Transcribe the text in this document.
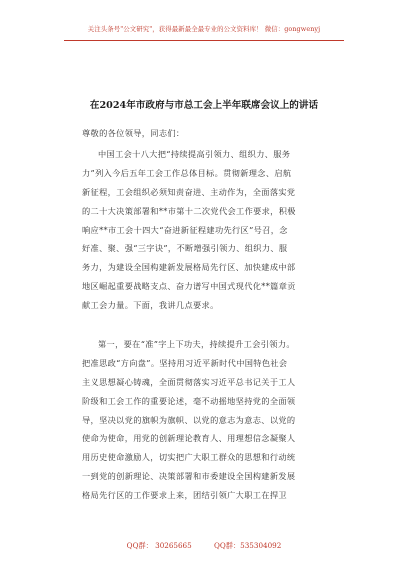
关注头条号"公文研究"，获得最新最全最专业的公文资料库！ 微信：gongwenyj
在2024年市政府与市总工会上半年联席会议上的讲话
尊敬的各位领导，同志们：
中国工会十八大把“持续提高引领力、组织力、服务
力”列入今后五年工会工作总体目标。贯彻新理念、启航
新征程，工会组织必须知责奋进、主动作为，全面落实党
的二十大决策部署和**市第十二次党代会工作要求，积极
响应**市工会十四大“奋进新征程建功先行区”号召，念
好准、聚、强“三字诀”，不断增强引领力、组织力、服
务力，为建设全国构建新发展格局先行区、加快建成中部
地区崛起重要战略支点、奋力谱写中国式现代化**篇章贡
献工会力量。下面，我讲几点要求。
第一，要在“准”字上下功夫，持续提升工会引领力。
把准思政“方向盘”。坚持用习近平新时代中国特色社会
主义思想凝心铸魂，全面贯彻落实习近平总书记关于工人
阶级和工会工作的重要论述，毫不动摇地坚持党的全面领
导，坚决以党的旗帜为旗帜、以党的意志为意志、以党的
使命为使命，用党的创新理论教育人、用理想信念凝聚人
用历史使命激励人，切实把广大职工群众的思想和行动统
一到党的创新理论、决策部署和市委建设全国构建新发展
格局先行区的工作要求上来，团结引领广大职工在捍卫
QQ群： 30265665	QQ群：535304092
